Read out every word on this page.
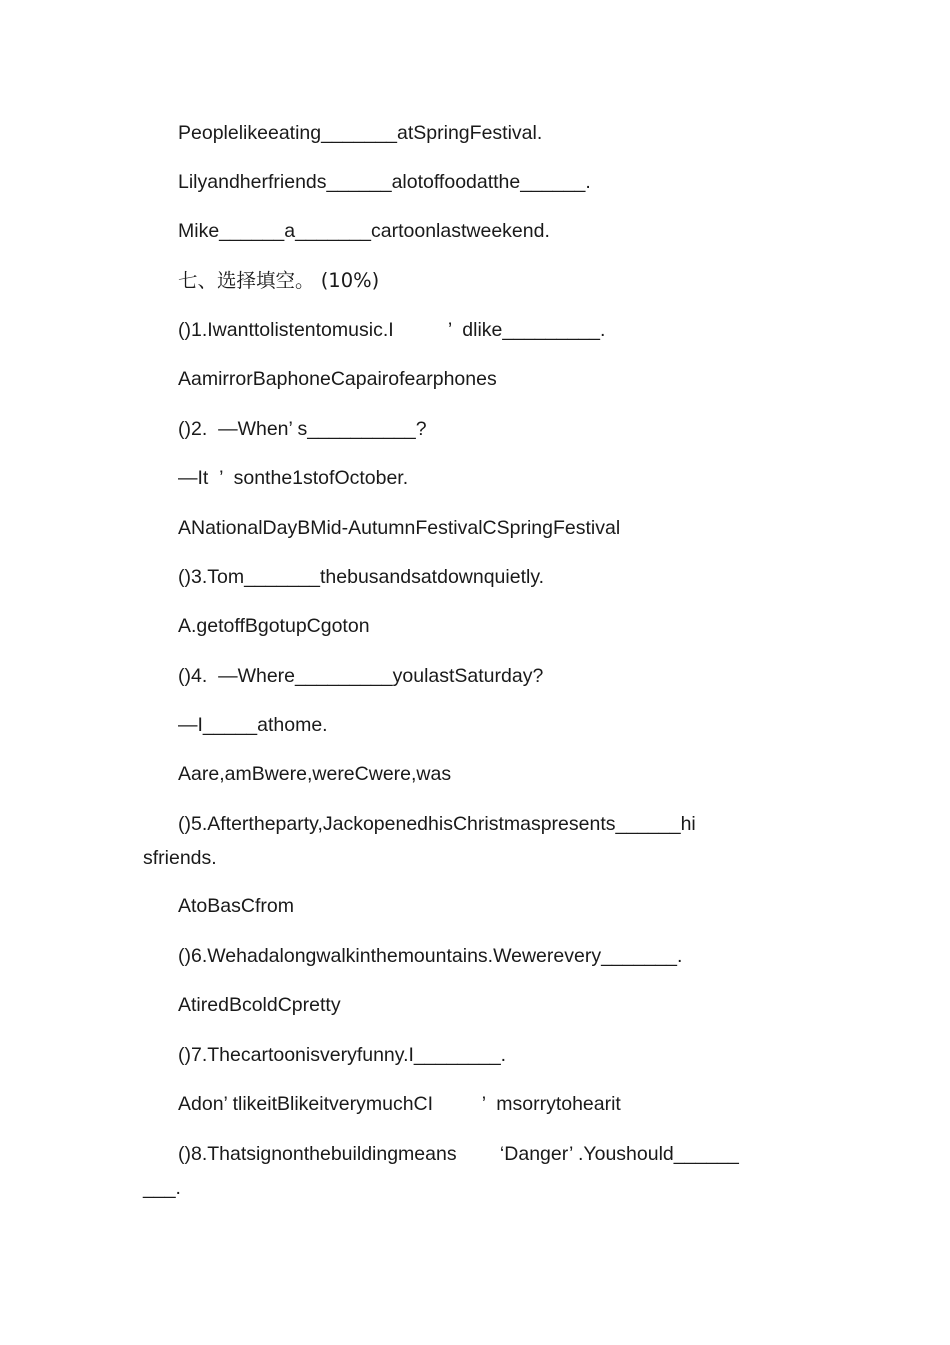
Peoplelikeeating_______atSpringFestival.
Lilyandherfriends______alotoffoodatthe______.
Mike______a_______cartoonlastweekend.
七、选择填空。 (10%)
()1.Iwanttolistentomusic.I          ’  dlike_________.
AamirrorBaphoneCapairofearphones
()2.  —When’ s__________?
—It  ’  sonthe1stofOctober.
ANationalDayBMid-AutumnFestivalCSpringFestival
()3.Tom_______thebusandsatdownquietly.
A.getoffBgotupCgoton
()4.  —Where_________youlastSaturday?
—I_____athome.
Aare,amBwere,wereCwere,was
()5.Aftertheparty,JackopenedhisChristmaspresents______hi
sfriends.
AtoBasCfrom
()6.Wehadalongwalkinthemountains.Wewerevery_______.
AtiredBcoldCpretty
()7.Thecartoonisveryfunny.I________.
Adon’ tlikeitBlikeitverymuchCI         ’  msorrytohearit
()8.Thatsignonthebuildingmeans        ‘Danger’ .Youshould______
___.
